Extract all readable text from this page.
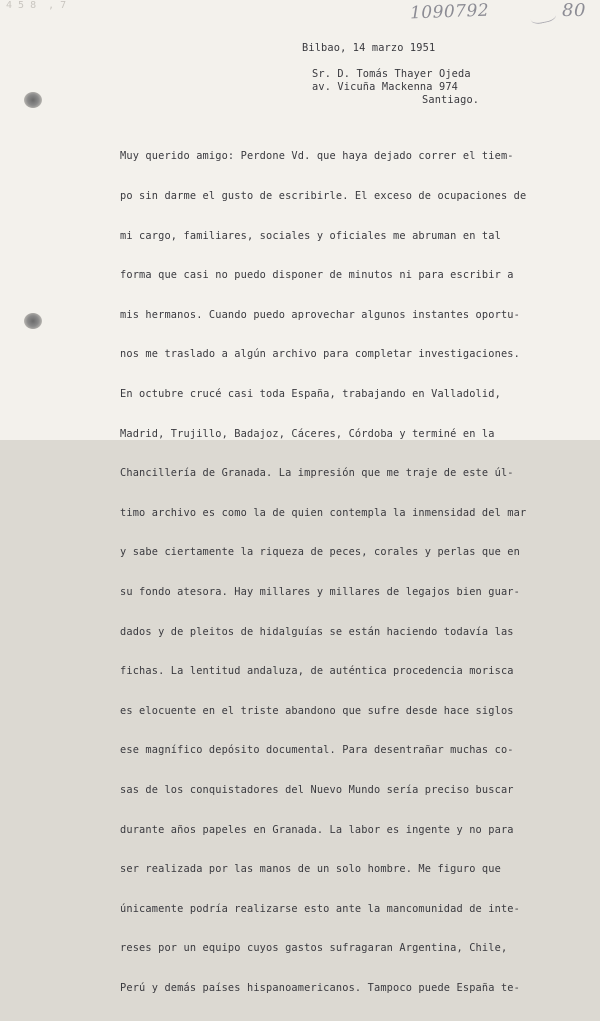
4 5 8  , 7	1090792	80
Bilbao, 14 marzo 1951
Sr. D. Tomás Thayer Ojeda
av. Vicuña Mackenna 974
Santiago.

Muy querido amigo: Perdone Vd. que haya dejado correr el tiem-

po sin darme el gusto de escribirle. El exceso de ocupaciones de

mi cargo, familiares, sociales y oficiales me abruman en tal

forma que casi no puedo disponer de minutos ni para escribir a

mis hermanos. Cuando puedo aprovechar algunos instantes oportu-

nos me traslado a algún archivo para completar investigaciones.

En octubre crucé casi toda España, trabajando en Valladolid,

Madrid, Trujillo, Badajoz, Cáceres, Córdoba y terminé en la

Chancillería de Granada. La impresión que me traje de este úl-

timo archivo es como la de quien contempla la inmensidad del mar

y sabe ciertamente la riqueza de peces, corales y perlas que en

su fondo atesora. Hay millares y millares de legajos bien guar-

dados y de pleitos de hidalguías se están haciendo todavía las

fichas. La lentitud andaluza, de auténtica procedencia morisca

es elocuente en el triste abandono que sufre desde hace siglos

ese magnífico depósito documental. Para desentrañar muchas co-

sas de los conquistadores del Nuevo Mundo sería preciso buscar

durante años papeles en Granada. La labor es ingente y no para

ser realizada por las manos de un solo hombre. Me figuro que

únicamente podría realizarse esto ante la mancomunidad de inte-

reses por un equipo cuyos gastos sufragaran Argentina, Chile,

Perú y demás países hispanoamericanos. Tampoco puede España te-
